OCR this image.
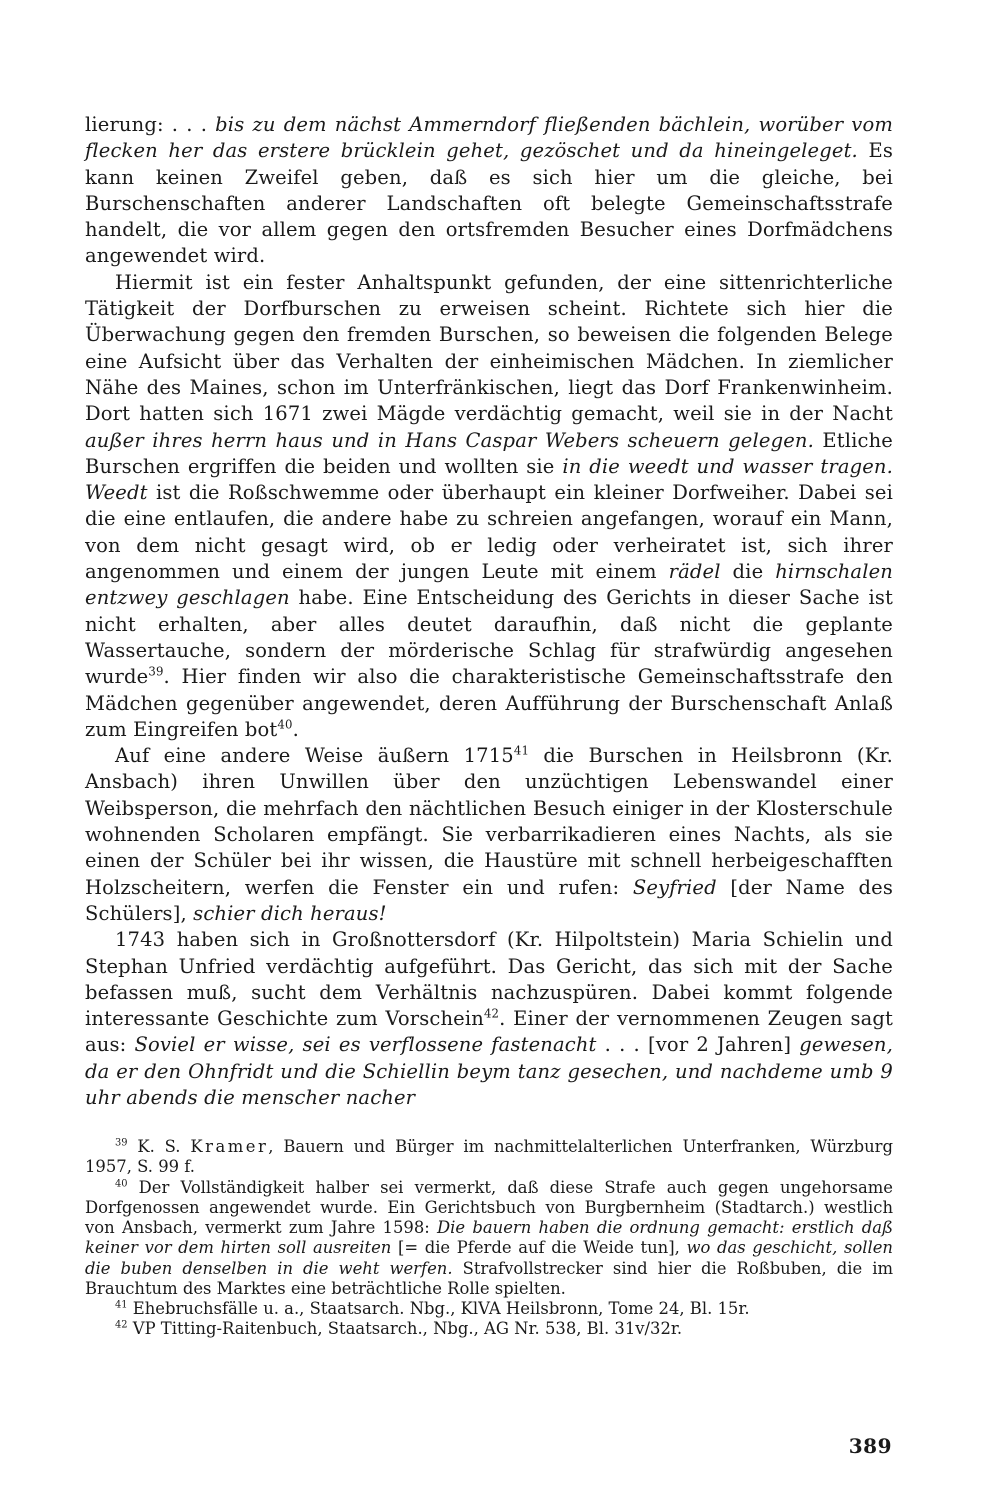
lierung: . . . bis zu dem nächst Ammerndorf fließenden bächlein, worüber vom flecken her das erstere brücklein gehet, gezöschet und da hineingeleget. Es kann keinen Zweifel geben, daß es sich hier um die gleiche, bei Burschenschaften anderer Landschaften oft belegte Gemeinschaftsstrafe handelt, die vor allem gegen den ortsfremden Besucher eines Dorfmädchens angewendet wird.

Hiermit ist ein fester Anhaltspunkt gefunden, der eine sittenrichterliche Tätigkeit der Dorfburschen zu erweisen scheint. Richtete sich hier die Überwachung gegen den fremden Burschen, so beweisen die folgenden Belege eine Aufsicht über das Verhalten der einheimischen Mädchen. In ziemlicher Nähe des Maines, schon im Unterfränkischen, liegt das Dorf Frankenwinheim. Dort hatten sich 1671 zwei Mägde verdächtig gemacht, weil sie in der Nacht außer ihres herrn haus und in Hans Caspar Webers scheuern gelegen. Etliche Burschen ergriffen die beiden und wollten sie in die weedt und wasser tragen. Weedt ist die Roßschwemme oder überhaupt ein kleiner Dorfweiher. Dabei sei die eine entlaufen, die andere habe zu schreien angefangen, worauf ein Mann, von dem nicht gesagt wird, ob er ledig oder verheiratet ist, sich ihrer angenommen und einem der jungen Leute mit einem rädel die hirnschalen entzwey geschlagen habe. Eine Entscheidung des Gerichts in dieser Sache ist nicht erhalten, aber alles deutet daraufhin, daß nicht die geplante Wassertauche, sondern der mörderische Schlag für strafwürdig angesehen wurde$^{39}$. Hier finden wir also die charakteristische Gemeinschaftsstrafe den Mädchen gegenüber angewendet, deren Aufführung der Burschenschaft Anlaß zum Eingreifen bot$^{40}$.

Auf eine andere Weise äußern 1715$^{41}$ die Burschen in Heilsbronn (Kr. Ansbach) ihren Unwillen über den unzüchtigen Lebenswandel einer Weibsperson, die mehrfach den nächtlichen Besuch einiger in der Klosterschule wohnenden Scholaren empfängt. Sie verbarrikadieren eines Nachts, als sie einen der Schüler bei ihr wissen, die Haustüre mit schnell herbeigeschafften Holzscheitern, werfen die Fenster ein und rufen: Seyfried [der Name des Schülers], schier dich heraus!

1743 haben sich in Großnottersdorf (Kr. Hilpoltstein) Maria Schielin und Stephan Unfried verdächtig aufgeführt. Das Gericht, das sich mit der Sache befassen muß, sucht dem Verhältnis nachzuspüren. Dabei kommt folgende interessante Geschichte zum Vorschein$^{42}$. Einer der vernommenen Zeugen sagt aus: Soviel er wisse, sei es verflossene fastenacht . . . [vor 2 Jahren] gewesen, da er den Ohnfridt und die Schiellin beym tanz gesechen, und nachdeme umb 9 uhr abends die menscher nacher

$^{39}$ K. S. Kramer, Bauern und Bürger im nachmittelalterlichen Unterfranken, Würzburg 1957, S. 99 f.

$^{40}$ Der Vollständigkeit halber sei vermerkt, daß diese Strafe auch gegen ungehorsame Dorfgenossen angewendet wurde. Ein Gerichtsbuch von Burgbernheim (Stadtarch.) westlich von Ansbach, vermerkt zum Jahre 1598: Die bauern haben die ordnung gemacht: erstlich daß keiner vor dem hirten soll ausreiten [= die Pferde auf die Weide tun], wo das geschicht, sollen die buben denselben in die weht werfen. Strafvollstrecker sind hier die Roßbuben, die im Brauchtum des Marktes eine beträchtliche Rolle spielten.

$^{41}$ Ehebruchsfälle u. a., Staatsarch. Nbg., KlVA Heilsbronn, Tome 24, Bl. 15r.

$^{42}$ VP Titting-Raitenbuch, Staatsarch., Nbg., AG Nr. 538, Bl. 31v/32r.

389
